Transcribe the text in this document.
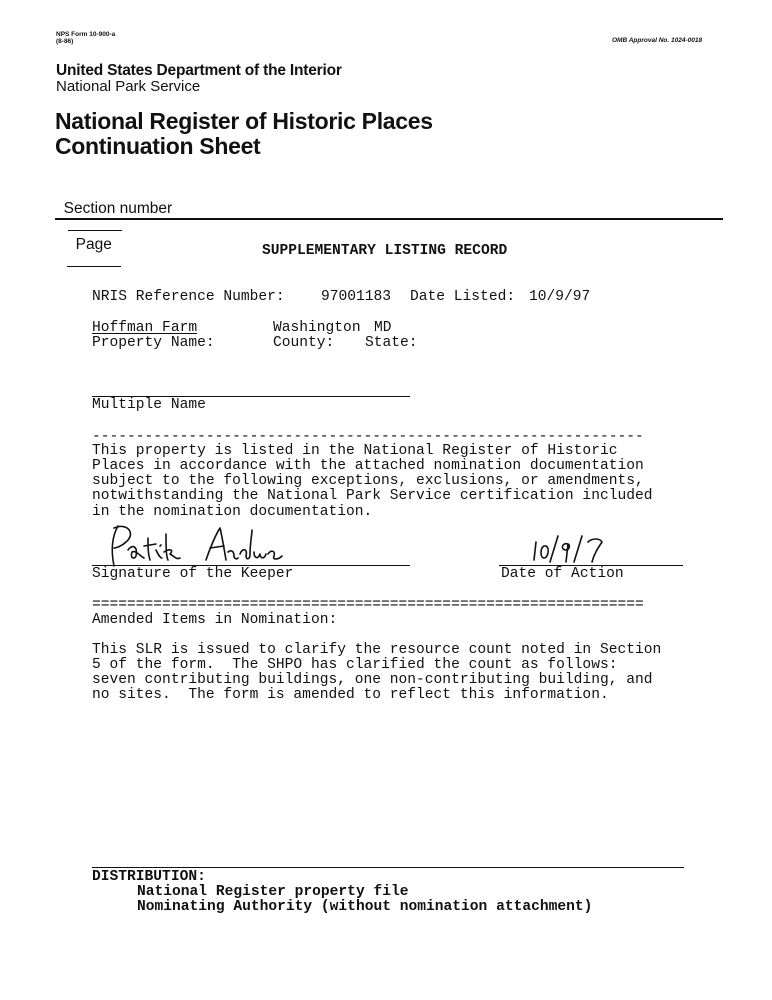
NPS Form 10-900-a
(8-86)	OMB Approval No. 1024-0018
United States Department of the Interior
National Park Service
National Register of Historic Places
Continuation Sheet

Section number

Page
	SUPPLEMENTARY LISTING RECORD
NRIS Reference Number: 97001183 Date Listed: 10/9/97
Hoffman Farm	Washington MD
Property Name:	County: State:
Multiple Name
---------------------------------------------------------------
This property is listed in the National Register of Historic
Places in accordance with the attached nomination documentation
subject to the following exceptions, exclusions, or amendments,
notwithstanding the National Park Service certification included
in the nomination documentation.
Signature of the Keeper	Date of Action
===============================================================
Amended Items in Nomination:
This SLR is issued to clarify the resource count noted in Section
5 of the form.  The SHPO has clarified the count as follows:
seven contributing buildings, one non-contributing building, and
no sites.  The form is amended to reflect this information.
DISTRIBUTION:
National Register property file
Nominating Authority (without nomination attachment)
